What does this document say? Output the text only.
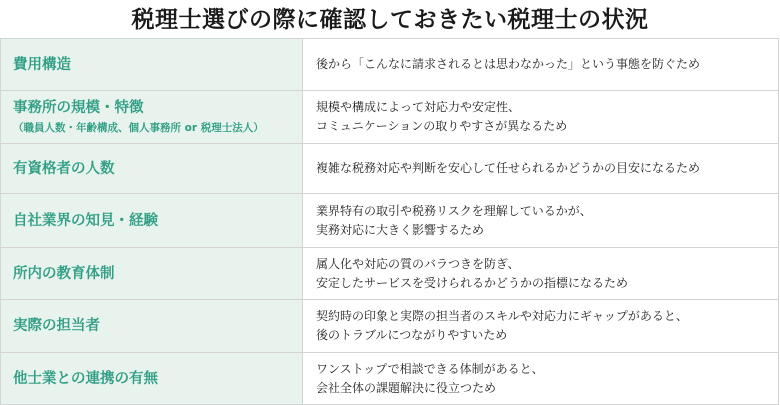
税理士選びの際に確認しておきたい税理士の状況
費用構造	後から「こんなに請求されるとは思わなかった」という事態を防ぐため

事務所の規模・特徴
（職員人数・年齢構成、個人事務所 or 税理士法人）	規模や構成によって対応力や安定性、
コミュニケーションの取りやすさが異なるため

有資格者の人数	複雑な税務対応や判断を安心して任せられるかどうかの目安になるため

自社業界の知見・経験	業界特有の取引や税務リスクを理解しているかが、
実務対応に大きく影響するため

所内の教育体制	属人化や対応の質のバラつきを防ぎ、
安定したサービスを受けられるかどうかの指標になるため

実際の担当者	契約時の印象と実際の担当者のスキルや対応力にギャップがあると、
後のトラブルにつながりやすいため

他士業との連携の有無	ワンストップで相談できる体制があると、
会社全体の課題解決に役立つため
